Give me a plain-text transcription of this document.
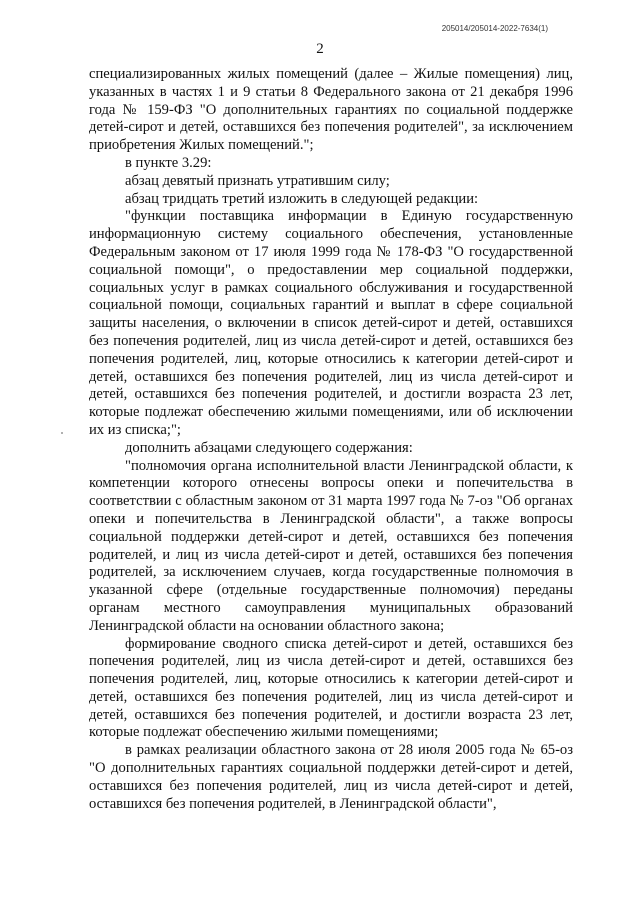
205014/205014-2022-7634(1)
2

специализированных жилых помещений (далее – Жилые помещения) лиц, указанных в частях 1 и 9 статьи 8 Федерального закона от 21 декабря 1996 года № 159-ФЗ "О дополнительных гарантиях по социальной поддержке детей-сирот и детей, оставшихся без попечения родителей", за исключением приобретения Жилых помещений.";

в пункте 3.29:

абзац девятый признать утратившим силу;

абзац тридцать третий изложить в следующей редакции:

"функции поставщика информации в Единую государственную информационную систему социального обеспечения, установленные Федеральным законом от 17 июля 1999 года № 178-ФЗ "О государственной социальной помощи", о предоставлении мер социальной поддержки, социальных услуг в рамках социального обслуживания и государственной социальной помощи, социальных гарантий и выплат в сфере социальной защиты населения, о включении в список детей-сирот и детей, оставшихся без попечения родителей, лиц из числа детей-сирот и детей, оставшихся без попечения родителей, лиц, которые относились к категории детей-сирот и детей, оставшихся без попечения родителей, лиц из числа детей-сирот и детей, оставшихся без попечения родителей, и достигли возраста 23 лет, которые подлежат обеспечению жилыми помещениями, или об исключении их из списка;";

дополнить абзацами следующего содержания:

"полномочия органа исполнительной власти Ленинградской области, к компетенции которого отнесены вопросы опеки и попечительства в соответствии с областным законом от 31 марта 1997 года № 7-оз "Об органах опеки и попечительства в Ленинградской области", а также вопросы социальной поддержки детей-сирот и детей, оставшихся без попечения родителей, и лиц из числа детей-сирот и детей, оставшихся без попечения родителей, за исключением случаев, когда государственные полномочия в указанной сфере (отдельные государственные полномочия) переданы органам местного самоуправления муниципальных образований Ленинградской области на основании областного закона;

формирование сводного списка детей-сирот и детей, оставшихся без попечения родителей, лиц из числа детей-сирот и детей, оставшихся без попечения родителей, лиц, которые относились к категории детей-сирот и детей, оставшихся без попечения родителей, лиц из числа детей-сирот и детей, оставшихся без попечения родителей, и достигли возраста 23 лет, которые подлежат обеспечению жилыми помещениями;

в рамках реализации областного закона от 28 июля 2005 года № 65-оз "О дополнительных гарантиях социальной поддержки детей-сирот и детей, оставшихся без попечения родителей, лиц из числа детей-сирот и детей, оставшихся без попечения родителей, в Ленинградской области",
